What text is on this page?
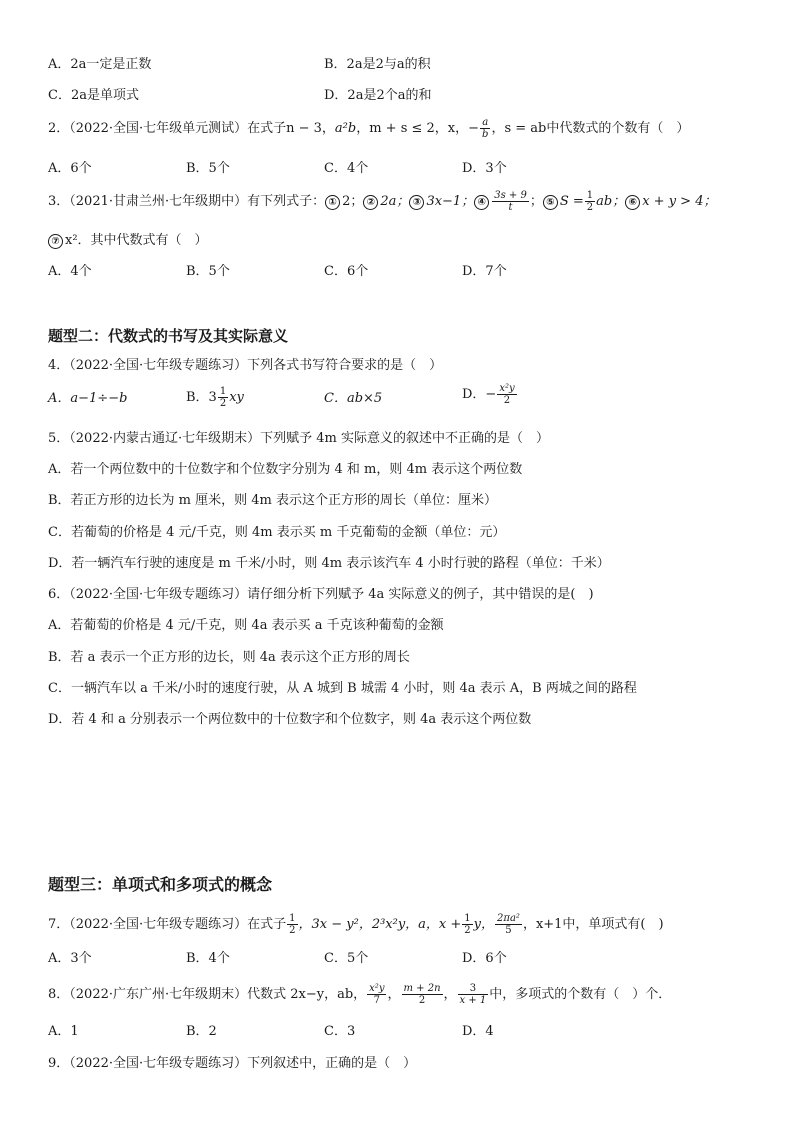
A．2a一定是正数	B．2a是2与a的积
C．2a是单项式	D．2a是2个a的和
2．（2022·全国·七年级单元测试）在式子n − 3，a²b，m + s ≤ 2，x，− $\frac{a}{b}$ ，s = ab中代数式的个数有（　）
A．6个	B．5个	C．4个	D．3个
3．（2021·甘肃兰州·七年级期中）有下列式子： ① 2； ② 2a； ③ 3x−1； ④ $\frac{3s + 9}{t}$ ； ⑤ $S = \frac{1}{2}$ ab； ⑥ x + y > 4；
⑦ x²．其中代数式有（　）
A．4个	B．5个	C．6个	D．7个
题型二：代数式的书写及其实际意义
4．（2022·全国·七年级专题练习）下列各式书写符合要求的是（　）
A．a−1÷−b	B．$3 \frac{1}{2}$ xy	C．ab×5	D．− $\frac{\text{x²y}}{2}$
5．（2022·内蒙古通辽·七年级期末）下列赋予 4m 实际意义的叙述中不正确的是（　）
A．若一个两位数中的十位数字和个位数字分别为 4 和 m，则 4m 表示这个两位数
B．若正方形的边长为 m 厘米，则 4m 表示这个正方形的周长（单位：厘米）
C．若葡萄的价格是 4 元/千克，则 4m 表示买 m 千克葡萄的金额（单位：元）
D．若一辆汽车行驶的速度是 m 千米/小时，则 4m 表示该汽车 4 小时行驶的路程（单位：千米）
6．（2022·全国·七年级专题练习）请仔细分析下列赋予 4a 实际意义的例子，其中错误的是(　)
A．若葡萄的价格是 4 元/千克，则 4a 表示买 a 千克该种葡萄的金额
B．若 a 表示一个正方形的边长，则 4a 表示这个正方形的周长
C．一辆汽车以 a 千米/小时的速度行驶，从 A 城到 B 城需 4 小时，则 4a 表示 A，B 两城之间的路程
D．若 4 和 a 分别表示一个两位数中的十位数字和个位数字，则 4a 表示这个两位数
题型三：单项式和多项式的概念
7．（2022·全国·七年级专题练习）在式子 $\frac{1}{2}$ ，3x − y²，2³x²y，a，$x + \frac{1}{2}$ y， $\frac{\text{2πa²}}{5}$ ，x+1中，单项式有(　)
A．3个	B．4个	C．5个	D．6个
8．（2022·广东广州·七年级期末）代数式 2x−y，ab， $\frac{\text{x²y}}{7}$ ， $\frac{m + 2n}{2}$ ， $\frac{3}{x + 1}$ 中，多项式的个数有（　）个．
A．1	B．2	C．3	D．4
9．（2022·全国·七年级专题练习）下列叙述中，正确的是（　）
